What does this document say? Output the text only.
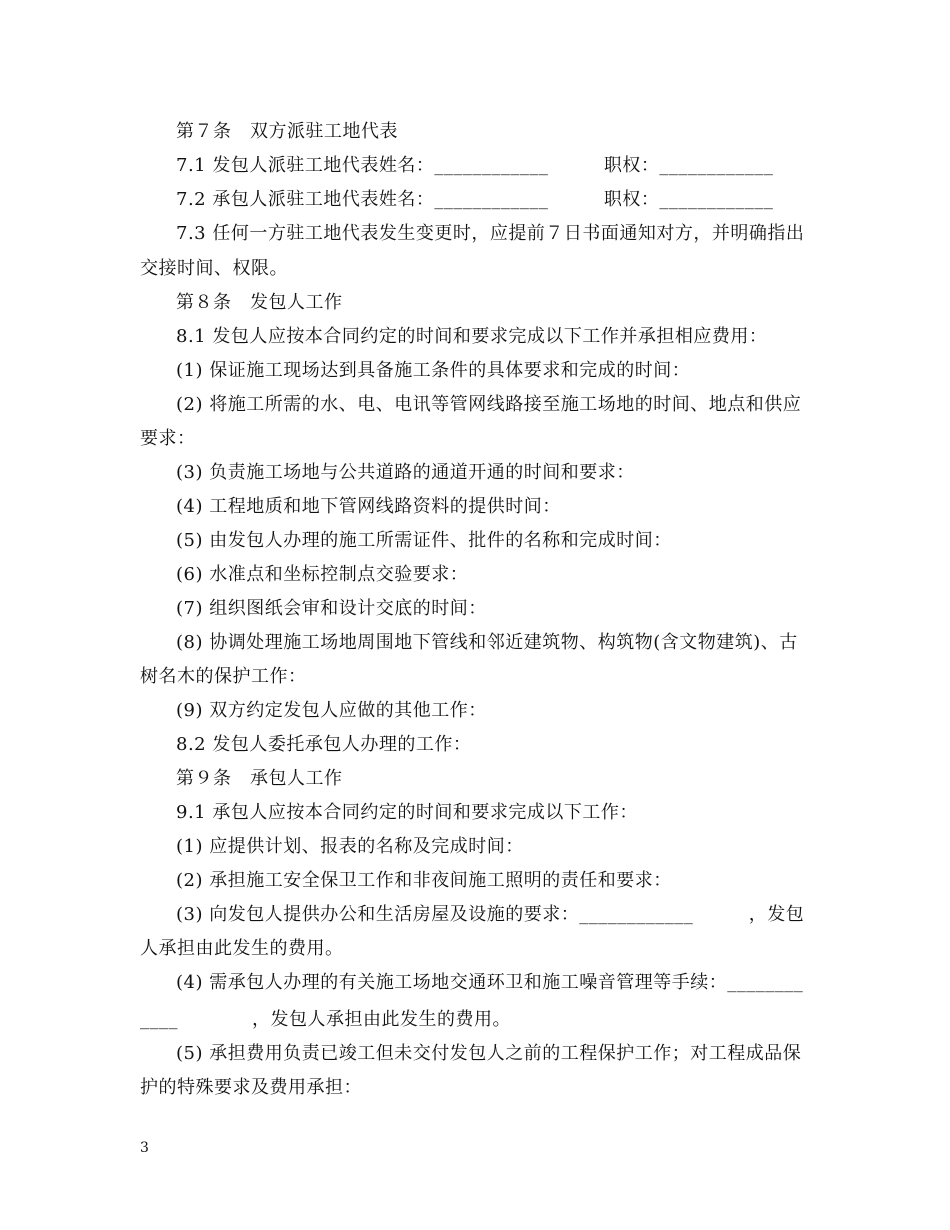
第７条　双方派驻工地代表
7.1 发包人派驻工地代表姓名：____________　　　职权：____________
7.2 承包人派驻工地代表姓名：____________　　　职权：____________
7.3 任何一方驻工地代表发生变更时，应提前７日书面通知对方，并明确指出
交接时间、权限。
第８条　发包人工作
8.1 发包人应按本合同约定的时间和要求完成以下工作并承担相应费用：
(1) 保证施工现场达到具备施工条件的具体要求和完成的时间：
(2) 将施工所需的水、电、电讯等管网线路接至施工场地的时间、地点和供应
要求：
(3) 负责施工场地与公共道路的通道开通的时间和要求：
(4) 工程地质和地下管网线路资料的提供时间：
(5) 由发包人办理的施工所需证件、批件的名称和完成时间：
(6) 水准点和坐标控制点交验要求：
(7) 组织图纸会审和设计交底的时间：
(8) 协调处理施工场地周围地下管线和邻近建筑物、构筑物(含文物建筑)、古
树名木的保护工作：
(9) 双方约定发包人应做的其他工作：
8.2 发包人委托承包人办理的工作：
第９条　承包人工作
9.1 承包人应按本合同约定的时间和要求完成以下工作：
(1) 应提供计划、报表的名称及完成时间：
(2) 承担施工安全保卫工作和非夜间施工照明的责任和要求：
(3) 向发包人提供办公和生活房屋及设施的要求：____________　　　，发包
人承担由此发生的费用。
(4) 需承包人办理的有关施工场地交通环卫和施工噪音管理等手续：________
____　　　　，发包人承担由此发生的费用。
(5) 承担费用负责已竣工但未交付发包人之前的工程保护工作；对工程成品保
护的特殊要求及费用承担：
3
